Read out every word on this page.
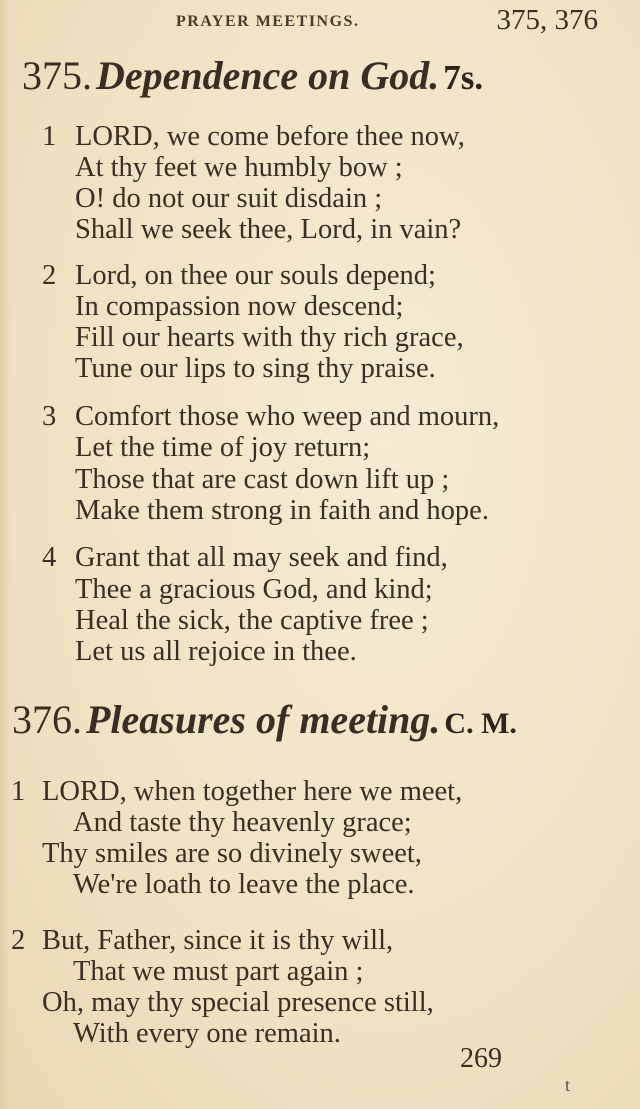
PRAYER MEETINGS.	375, 376
375. Dependence on God. 7s.
1 LORD, we come before thee now,
At thy feet we humbly bow ;
O! do not our suit disdain ;
Shall we seek thee, Lord, in vain?
2 Lord, on thee our souls depend;
In compassion now descend;
Fill our hearts with thy rich grace,
Tune our lips to sing thy praise.
3 Comfort those who weep and mourn,
Let the time of joy return;
Those that are cast down lift up ;
Make them strong in faith and hope.
4 Grant that all may seek and find,
Thee a gracious God, and kind;
Heal the sick, the captive free ;
Let us all rejoice in thee.
376. Pleasures of meeting. C. M.
1 LORD, when together here we meet,
And taste thy heavenly grace;
Thy smiles are so divinely sweet,
We're loath to leave the place.
2 But, Father, since it is thy will,
That we must part again ;
Oh, may thy special presence still,
With every one remain.
269
t
